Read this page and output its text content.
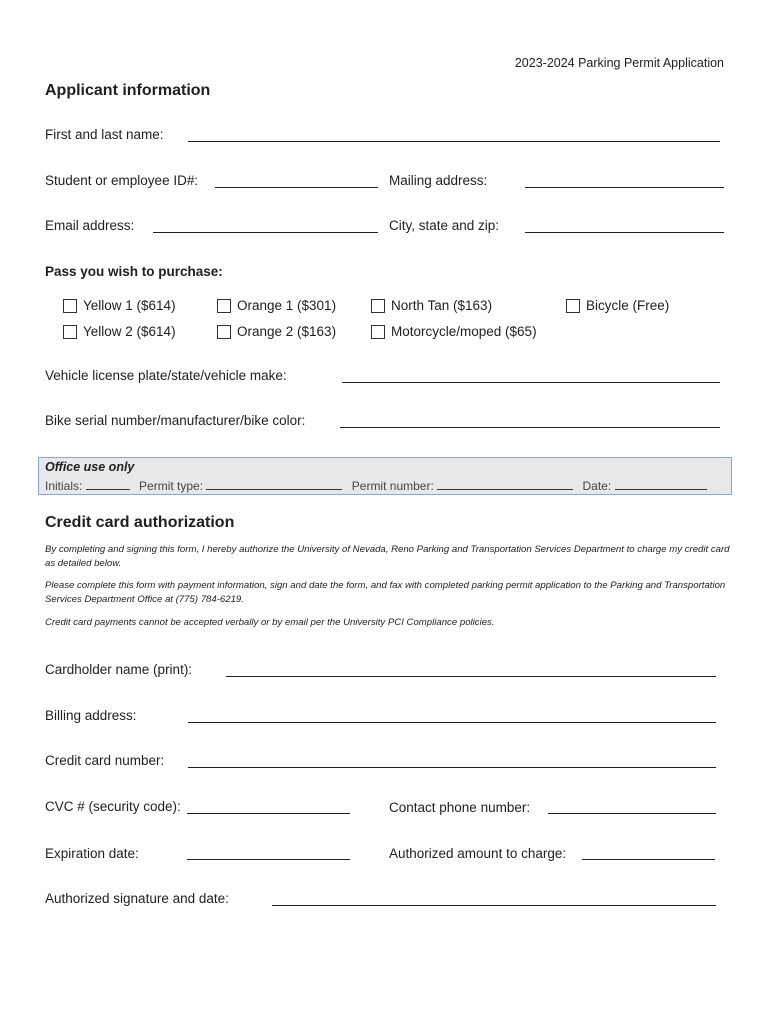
2023-2024 Parking Permit Application
Applicant information
First and last name:
Student or employee ID#:	Mailing address:
Email address:	City, state and zip:
Pass you wish to purchase:
Yellow 1 ($614)	Orange 1 ($301)	North Tan ($163)	Bicycle (Free)
Yellow 2 ($614)	Orange 2 ($163)	Motorcycle/moped ($65)
Vehicle license plate/state/vehicle make:
Bike serial number/manufacturer/bike color:
Office use only
Initials:	Permit type:	Permit number:	Date:
Credit card authorization
By completing and signing this form, I hereby authorize the University of Nevada, Reno Parking and Transportation Services Department to charge my credit card as detailed below.
Please complete this form with payment information, sign and date the form, and fax with completed parking permit application to the Parking and Transportation Services Department Office at (775) 784-6219.
Credit card payments cannot be accepted verbally or by email per the University PCI Compliance policies.
Cardholder name (print):
Billing address:
Credit card number:
CVC # (security code):	Contact phone number:
Expiration date:	Authorized amount to charge:
Authorized signature and date:
